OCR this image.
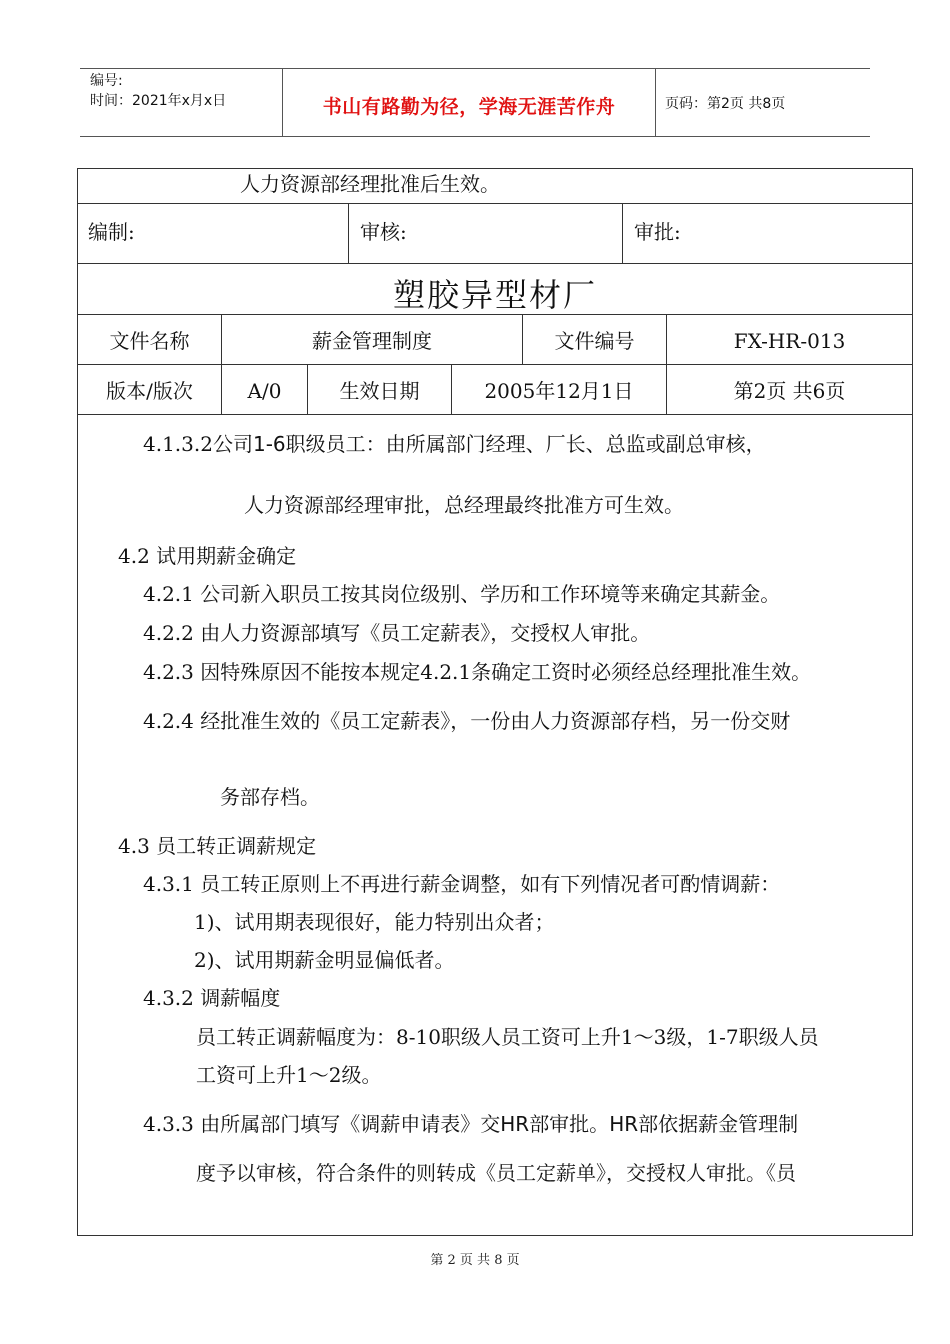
编号:
时间：2021年x月x日	书山有路勤为径，学海无涯苦作舟	页码：第2页 共8页
人力资源部经理批准后生效。
编制:	审核:	审批:
塑胶异型材厂
文件名称	薪金管理制度	文件编号	FX-HR-013
版本/版次	A/0	生效日期	2005年12月1日	第2页 共6页
4.1.3.2公司1-6职级员工：由所属部门经理、厂长、总监或副总审核，
人力资源部经理审批，总经理最终批准方可生效。
4.2 试用期薪金确定
4.2.1 公司新入职员工按其岗位级别、学历和工作环境等来确定其薪金。
4.2.2 由人力资源部填写《员工定薪表》，交授权人审批。
4.2.3 因特殊原因不能按本规定4.2.1条确定工资时必须经总经理批准生效。
4.2.4 经批准生效的《员工定薪表》，一份由人力资源部存档，另一份交财
务部存档。
4.3 员工转正调薪规定
4.3.1 员工转正原则上不再进行薪金调整，如有下列情况者可酌情调薪：
1)、试用期表现很好，能力特别出众者；
2)、试用期薪金明显偏低者。
4.3.2 调薪幅度
员工转正调薪幅度为：8-10职级人员工资可上升1～3级，1-7职级人员
工资可上升1～2级。
4.3.3 由所属部门填写《调薪申请表》交HR部审批。HR部依据薪金管理制
度予以审核，符合条件的则转成《员工定薪单》，交授权人审批。《员
第 2 页 共 8 页
